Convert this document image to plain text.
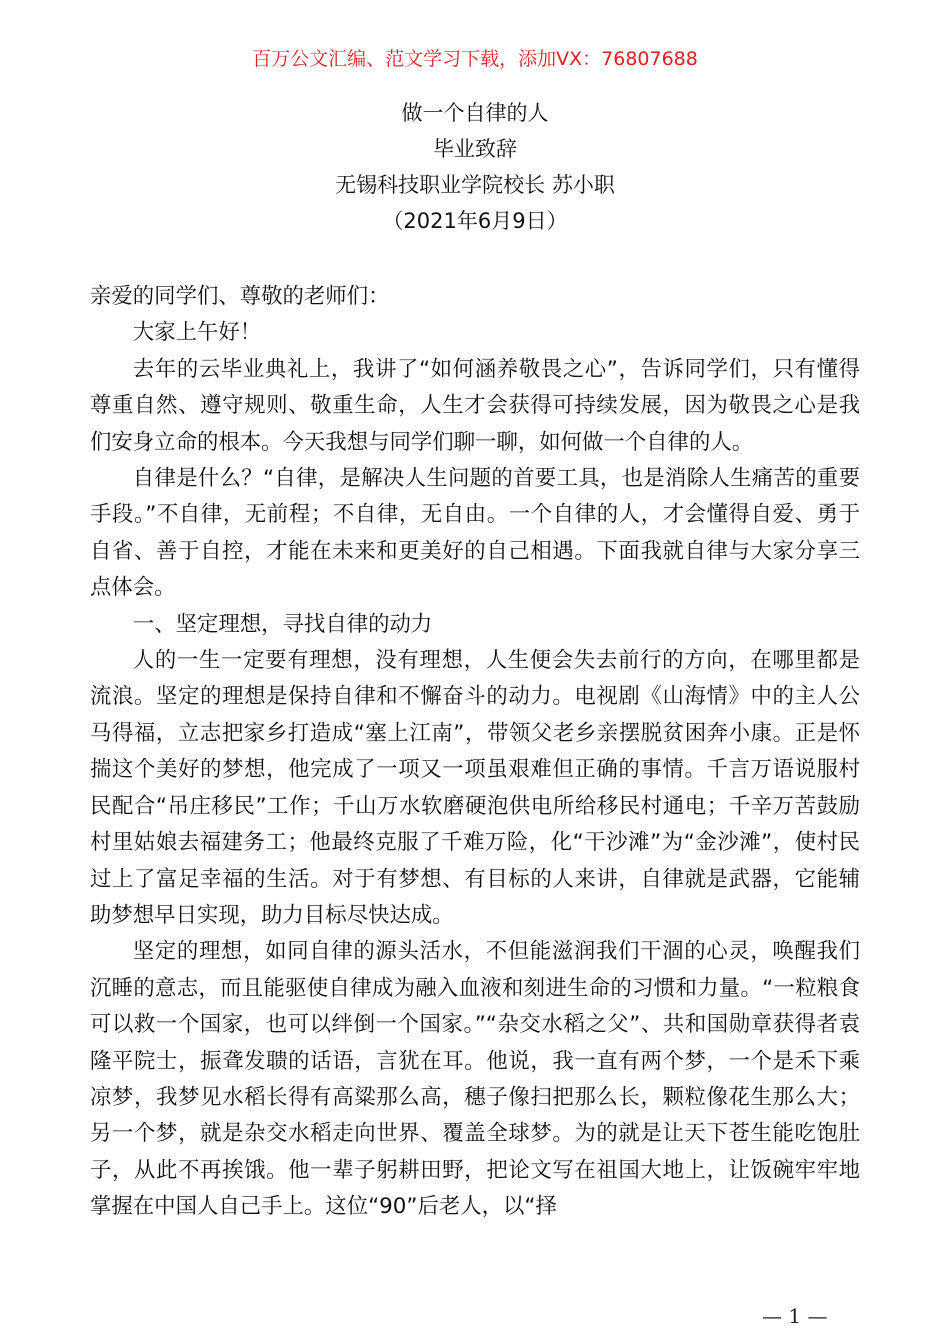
百万公文汇编、范文学习下载，添加VX：76807688
做一个自律的人
毕业致辞
无锡科技职业学院校长 苏小职
（2021年6月9日）

亲爱的同学们、尊敬的老师们：

大家上午好！

去年的云毕业典礼上，我讲了“如何涵养敬畏之心”，告诉同学们，只有懂得尊重自然、遵守规则、敬重生命，人生才会获得可持续发展，因为敬畏之心是我们安身立命的根本。今天我想与同学们聊一聊，如何做一个自律的人。

自律是什么？“自律，是解决人生问题的首要工具，也是消除人生痛苦的重要手段。”不自律，无前程；不自律，无自由。一个自律的人，才会懂得自爱、勇于自省、善于自控，才能在未来和更美好的自己相遇。下面我就自律与大家分享三点体会。

一、坚定理想，寻找自律的动力

人的一生一定要有理想，没有理想，人生便会失去前行的方向，在哪里都是流浪。坚定的理想是保持自律和不懈奋斗的动力。电视剧《山海情》中的主人公马得福，立志把家乡打造成“塞上江南”，带领父老乡亲摆脱贫困奔小康。正是怀揣这个美好的梦想，他完成了一项又一项虽艰难但正确的事情。千言万语说服村民配合“吊庄移民”工作；千山万水软磨硬泡供电所给移民村通电；千辛万苦鼓励村里姑娘去福建务工；他最终克服了千难万险，化“干沙滩”为“金沙滩”，使村民过上了富足幸福的生活。对于有梦想、有目标的人来讲，自律就是武器，它能辅助梦想早日实现，助力目标尽快达成。

坚定的理想，如同自律的源头活水，不但能滋润我们干涸的心灵，唤醒我们沉睡的意志，而且能驱使自律成为融入血液和刻进生命的习惯和力量。“一粒粮食可以救一个国家，也可以绊倒一个国家。”“杂交水稻之父”、共和国勋章获得者袁隆平院士，振聋发聩的话语，言犹在耳。他说，我一直有两个梦，一个是禾下乘凉梦，我梦见水稻长得有高粱那么高，穗子像扫把那么长，颗粒像花生那么大；另一个梦，就是杂交水稻走向世界、覆盖全球梦。为的就是让天下苍生能吃饱肚子，从此不再挨饿。他一辈子躬耕田野，把论文写在祖国大地上，让饭碗牢牢地掌握在中国人自己手上。这位“90”后老人，以“择

— 1 —
